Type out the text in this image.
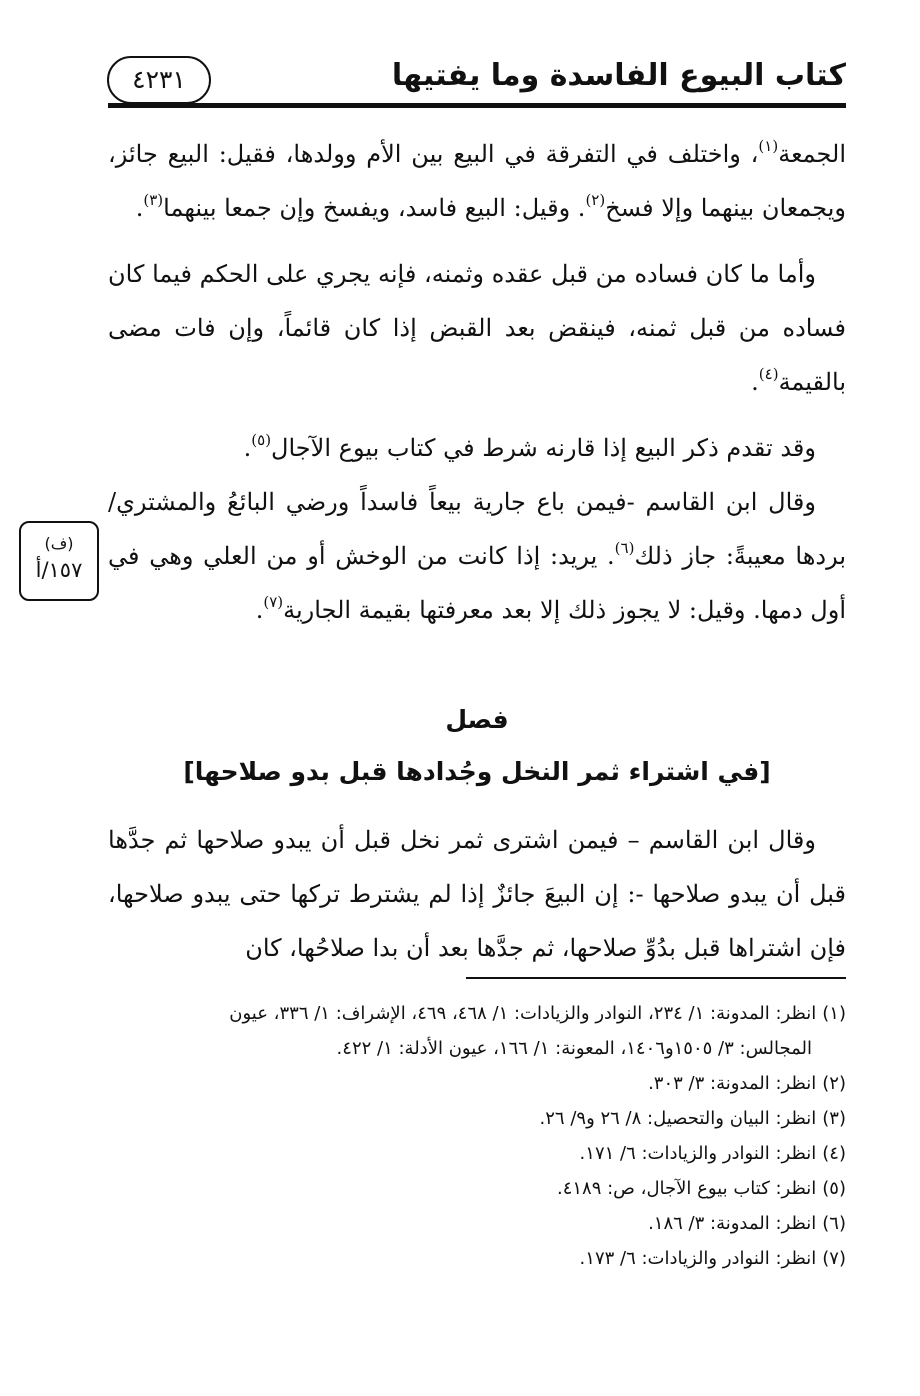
كتاب البيوع الفاسدة وما يفتيها
٤٢٣١
(ف)
١٥٧/أ

الجمعة$^{(١)}$، واختلف في التفرقة في البيع بين الأم وولدها، فقيل: البيع جائز، ويجمعان بينهما وإلا فسخ$^{(٢)}$. وقيل: البيع فاسد، ويفسخ وإن جمعا بينهما$^{(٣)}$.

وأما ما كان فساده من قبل عقده وثمنه، فإنه يجري على الحكم فيما كان فساده من قبل ثمنه، فينقض بعد القبض إذا كان قائماً، وإن فات مضى بالقيمة$^{(٤)}$.

وقد تقدم ذكر البيع إذا قارنه شرط في كتاب بيوع الآجال$^{(٥)}$.

وقال ابن القاسم -فيمن باع جارية بيعاً فاسداً ورضي البائعُ والمشتري/ بردها معيبةً: جاز ذلك$^{(٦)}$. يريد: إذا كانت من الوخش أو من العلي وهي في أول دمها. وقيل: لا يجوز ذلك إلا بعد معرفتها بقيمة الجارية$^{(٧)}$.

فصل
[في اشتراء ثمر النخل وجُدادها قبل بدو صلاحها]

وقال ابن القاسم – فيمن اشترى ثمر نخل قبل أن يبدو صلاحها ثم جدَّها قبل أن يبدو صلاحها -: إن البيعَ جائزٌ إذا لم يشترط تركها حتى يبدو صلاحها، فإن اشتراها قبل بدُوِّ صلاحها، ثم جدَّها بعد أن بدا صلاحُها، كان

(١)انظر: المدونة: ١/ ٢٣٤، النوادر والزيادات: ١/ ٤٦٨، ٤٦٩، الإشراف: ١/ ٣٣٦، عيون
المجالس: ٣/ ١٥٠٥و١٤٠٦، المعونة: ١/ ١٦٦، عيون الأدلة: ١/ ٤٢٢.

(٢)انظر: المدونة: ٣/ ٣٠٣.

(٣)انظر: البيان والتحصيل: ٨/ ٢٦ و٩/ ٢٦.

(٤)انظر: النوادر والزيادات: ٦/ ١٧١.

(٥)انظر: كتاب بيوع الآجال، ص: ٤١٨٩.

(٦)انظر: المدونة: ٣/ ١٨٦.

(٧)انظر: النوادر والزيادات: ٦/ ١٧٣.
